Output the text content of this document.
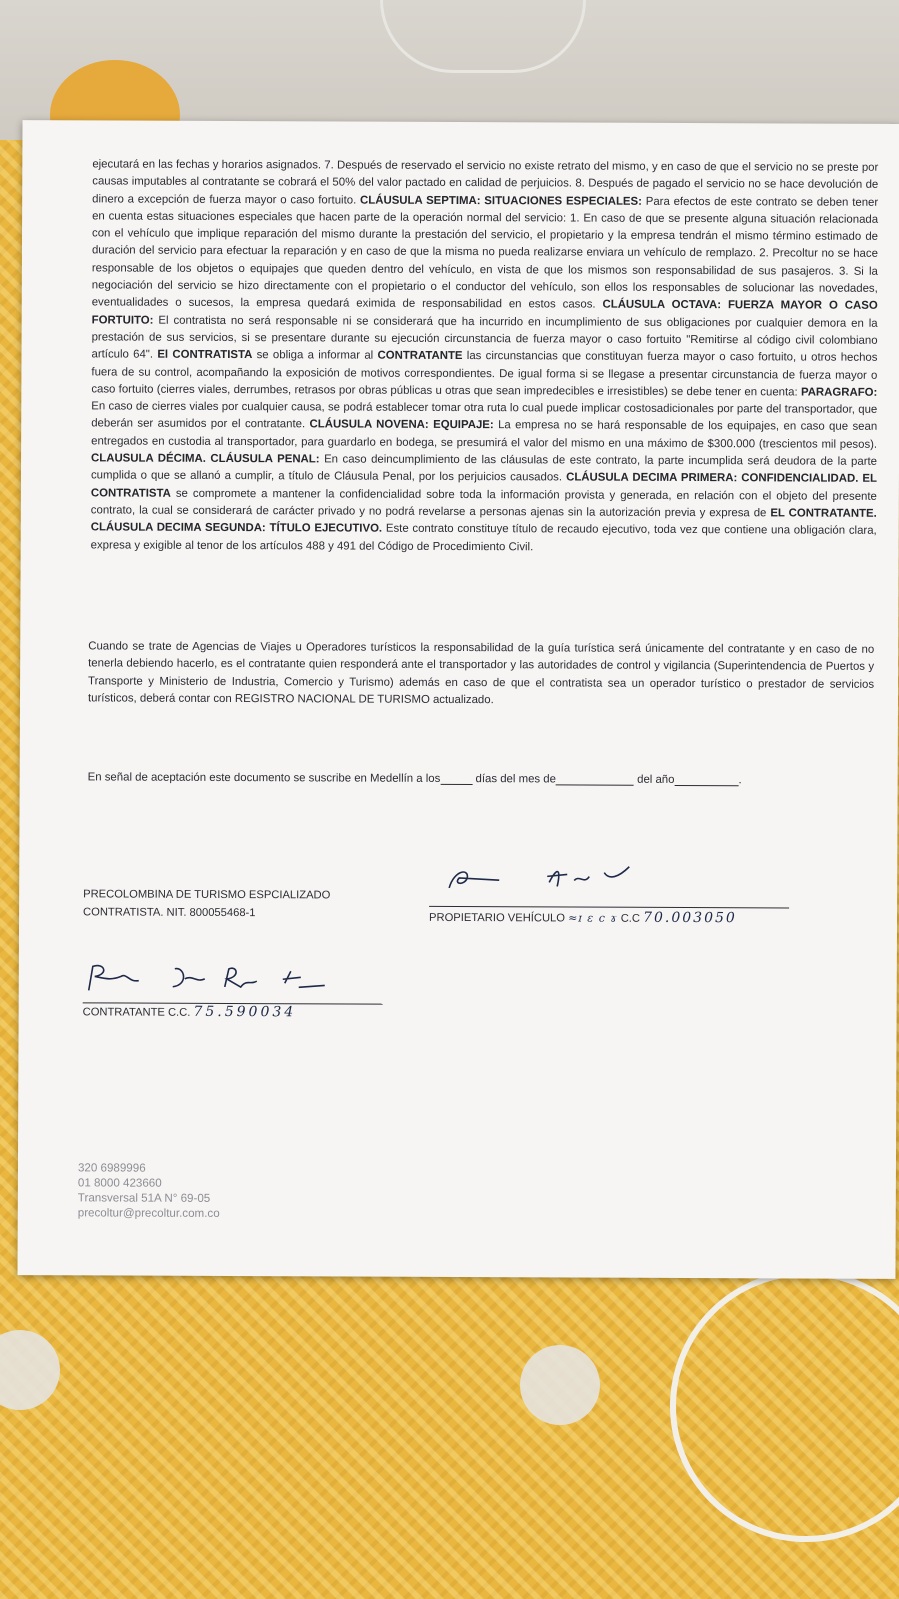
ejecutará en las fechas y horarios asignados. 7. Después de reservado el servicio no existe retrato del mismo, y en caso de que el servicio no se preste por causas imputables al contratante se cobrará el 50% del valor pactado en calidad de perjuicios. 8. Después de pagado el servicio no se hace devolución de dinero a excepción de fuerza mayor o caso fortuito. CLÁUSULA SEPTIMA: SITUACIONES ESPECIALES: Para efectos de este contrato se deben tener en cuenta estas situaciones especiales que hacen parte de la operación normal del servicio: 1. En caso de que se presente alguna situación relacionada con el vehículo que implique reparación del mismo durante la prestación del servicio, el propietario y la empresa tendrán el mismo término estimado de duración del servicio para efectuar la reparación y en caso de que la misma no pueda realizarse enviara un vehículo de remplazo. 2. Precoltur no se hace responsable de los objetos o equipajes que queden dentro del vehículo, en vista de que los mismos son responsabilidad de sus pasajeros. 3. Si la negociación del servicio se hizo directamente con el propietario o el conductor del vehículo, son ellos los responsables de solucionar las novedades, eventualidades o sucesos, la empresa quedará eximida de responsabilidad en estos casos. CLÁUSULA OCTAVA: FUERZA MAYOR O CASO FORTUITO: El contratista no será responsable ni se considerará que ha incurrido en incumplimiento de sus obligaciones por cualquier demora en la prestación de sus servicios, si se presentare durante su ejecución circunstancia de fuerza mayor o caso fortuito "Remitirse al código civil colombiano artículo 64". El CONTRATISTA se obliga a informar al CONTRATANTE las circunstancias que constituyan fuerza mayor o caso fortuito, u otros hechos fuera de su control, acompañando la exposición de motivos correspondientes. De igual forma si se llegase a presentar circunstancia de fuerza mayor o caso fortuito (cierres viales, derrumbes, retrasos por obras públicas u otras que sean impredecibles e irresistibles) se debe tener en cuenta: PARAGRAFO: En caso de cierres viales por cualquier causa, se podrá establecer tomar otra ruta lo cual puede implicar costosadicionales por parte del transportador, que deberán ser asumidos por el contratante. CLÁUSULA NOVENA: EQUIPAJE: La empresa no se hará responsable de los equipajes, en caso que sean entregados en custodia al transportador, para guardarlo en bodega, se presumirá el valor del mismo en una máximo de $300.000 (trescientos mil pesos). CLAUSULA DÉCIMA. CLÁUSULA PENAL: En caso deincumplimiento de las cláusulas de este contrato, la parte incumplida será deudora de la parte cumplida o que se allanó a cumplir, a título de Cláusula Penal, por los perjuicios causados. CLÁUSULA DECIMA PRIMERA: CONFIDENCIALIDAD. EL CONTRATISTA se compromete a mantener la confidencialidad sobre toda la información provista y generada, en relación con el objeto del presente contrato, la cual se considerará de carácter privado y no podrá revelarse a personas ajenas sin la autorización previa y expresa de EL CONTRATANTE. CLÁUSULA DECIMA SEGUNDA: TÍTULO EJECUTIVO. Este contrato constituye título de recaudo ejecutivo, toda vez que contiene una obligación clara, expresa y exigible al tenor de los artículos 488 y 491 del Código de Procedimiento Civil.
Cuando se trate de Agencias de Viajes u Operadores turísticos la responsabilidad de la guía turística será únicamente del contratante y en caso de no tenerla debiendo hacerlo, es el contratante quien responderá ante el transportador y las autoridades de control y vigilancia (Superintendencia de Puertos y Transporte y Ministerio de Industria, Comercio y Turismo) además en caso de que el contratista sea un operador turístico o prestador de servicios turísticos, deberá contar con REGISTRO NACIONAL DE TURISMO actualizado.
En señal de aceptación este documento se suscribe en Medellín a los	días del mes de	del año	.
PRECOLOMBINA DE TURISMO ESPCIALIZADO
CONTRATISTA. NIT. 800055468-1	PROPIETARIO VEHÍCULO ≈ɪ ɛ c ɤ C.C 70.003050
CONTRATANTE C.C. 75.590034
320 6989996
01 8000 423660
Transversal 51A N° 69-05
precoltur@precoltur.com.co
